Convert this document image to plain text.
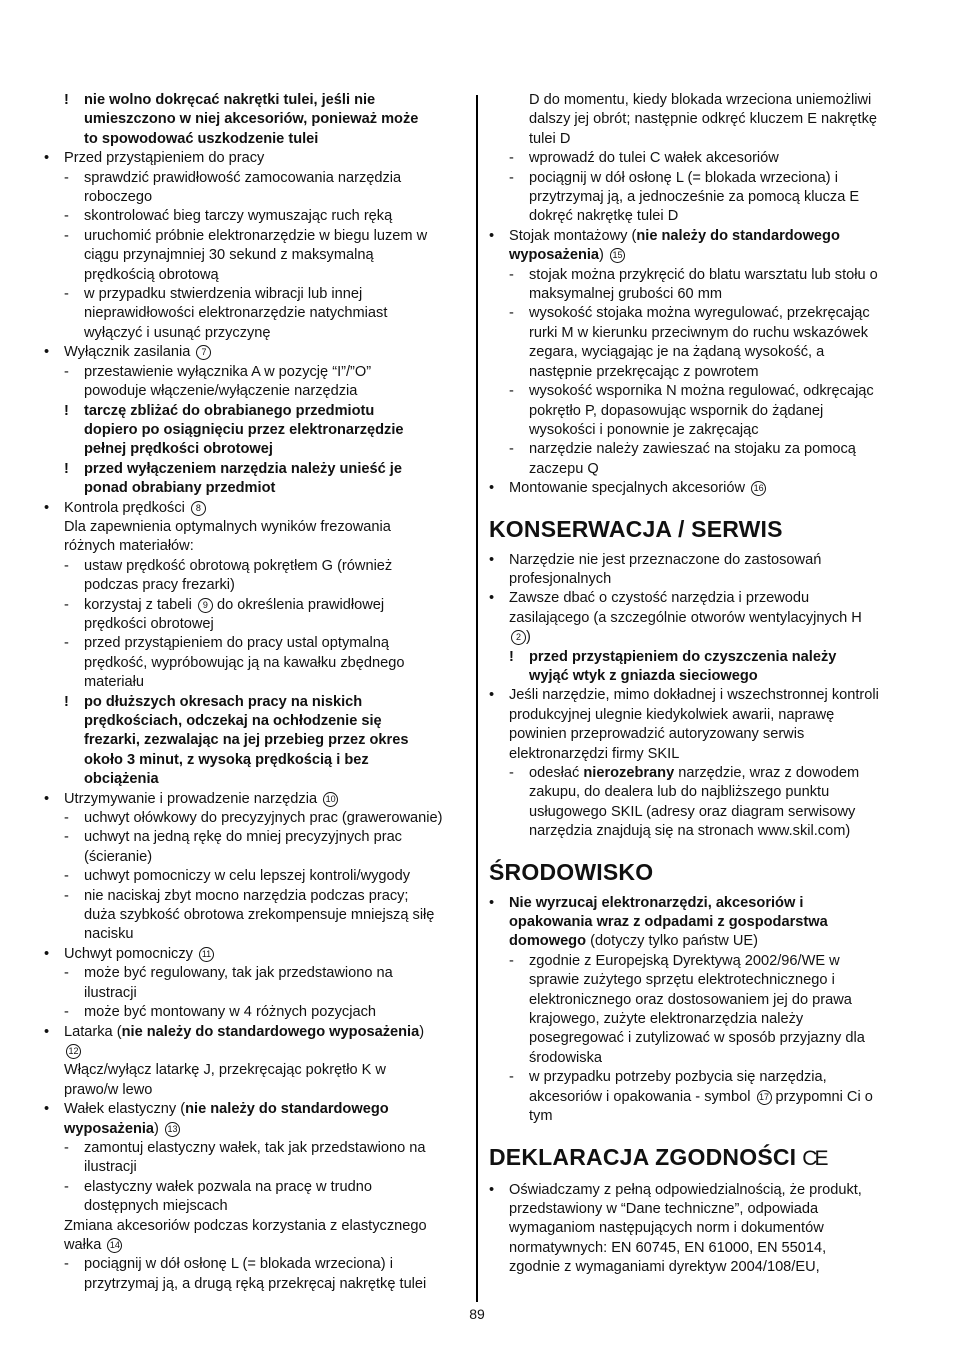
! nie wolno dokręcać nakrętki tulei, jeśli nie
umieszczono w niej akcesoriów, ponieważ może
to spowodować uszkodzenie tulei
• Przed przystąpieniem do pracy
- sprawdzić prawidłowość zamocowania narzędzia
roboczego
- skontrolować bieg tarczy wymuszając ruch ręką
- uruchomić próbnie elektronarzędzie w biegu luzem w
ciągu przynajmniej 30 sekund z maksymalną
prędkością obrotową
- w przypadku stwierdzenia wibracji lub innej
nieprawidłowości elektronarzędzie natychmiast
wyłączyć i usunąć przyczynę
• Wyłącznik zasilania 7
- przestawienie wyłącznika A w pozycję “I”/”O”
powoduje włączenie/wyłączenie narzędzia
! tarczę zbliżać do obrabianego przedmiotu
dopiero po osiągnięciu przez elektronarzędzie
pełnej prędkości obrotowej
! przed wyłączeniem narzędzia należy unieść je
ponad obrabiany przedmiot
• Kontrola prędkości 8
Dla zapewnienia optymalnych wyników frezowania
różnych materiałów:
- ustaw prędkość obrotową pokrętłem G (również
podczas pracy frezarki)
- korzystaj z tabeli 9 do określenia prawidłowej
prędkości obrotowej
- przed przystąpieniem do pracy ustal optymalną
prędkość, wypróbowując ją na kawałku zbędnego
materiału
! po dłuższych okresach pracy na niskich
prędkościach, odczekaj na ochłodzenie się
frezarki, zezwalając na jej przebieg przez okres
około 3 minut, z wysoką prędkością i bez
obciążenia
• Utrzymywanie i prowadzenie narzędzia 10
- uchwyt ołówkowy do precyzyjnych prac (grawerowanie)
- uchwyt na jedną rękę do mniej precyzyjnych prac
(ścieranie)
- uchwyt pomocniczy w celu lepszej kontroli/wygody
- nie naciskaj zbyt mocno narzędzia podczas pracy;
duża szybkość obrotowa zrekompensuje mniejszą siłę
nacisku
• Uchwyt pomocniczy 11
- może być regulowany, tak jak przedstawiono na
ilustracji
- może być montowany w 4 różnych pozycjach
• Latarka (nie należy do standardowego wyposażenia)
12
Włącz/wyłącz latarkę J, przekręcając pokrętło K w
prawo/w lewo
• Wałek elastyczny (nie należy do standardowego
wyposażenia) 13
- zamontuj elastyczny wałek, tak jak przedstawiono na
ilustracji
- elastyczny wałek pozwala na pracę w trudno
dostępnych miejscach
Zmiana akcesoriów podczas korzystania z elastycznego
wałka 14
- pociągnij w dół osłonę L (= blokada wrzeciona) i
przytrzymaj ją, a drugą ręką przekręcaj nakrętkę tulei
D do momentu, kiedy blokada wrzeciona uniemożliwi
dalszy jej obrót; następnie odkręć kluczem E nakrętkę
tulei D
- wprowadź do tulei C wałek akcesoriów
- pociągnij w dół osłonę L (= blokada wrzeciona) i
przytrzymaj ją, a jednocześnie za pomocą klucza E
dokręć nakrętkę tulei D
• Stojak montażowy (nie należy do standardowego
wyposażenia) 15
- stojak można przykręcić do blatu warsztatu lub stołu o
maksymalnej grubości 60 mm
- wysokość stojaka można wyregulować, przekręcając
rurki M w kierunku przeciwnym do ruchu wskazówek
zegara, wyciągając je na żądaną wysokość, a
następnie przekręcając z powrotem
- wysokość wspornika N można regulować, odkręcając
pokrętło P, dopasowując wspornik do żądanej
wysokości i ponownie je zakręcając
- narzędzie należy zawieszać na stojaku za pomocą
zaczepu Q
• Montowanie specjalnych akcesoriów 16
KONSERWACJA / SERWIS
• Narzędzie nie jest przeznaczone do zastosowań
profesjonalnych
• Zawsze dbać o czystość narzędzia i przewodu
zasilającego (a szczególnie otworów wentylacyjnych H
2 )
! przed przystąpieniem do czyszczenia należy
wyjąć wtyk z gniazda sieciowego
• Jeśli narzędzie, mimo dokładnej i wszechstronnej kontroli
produkcyjnej ulegnie kiedykolwiek awarii, naprawę
powinien przeprowadzić autoryzowany serwis
elektronarzędzi firmy SKIL
- odesłać nierozebrany narzędzie, wraz z dowodem
zakupu, do dealera lub do najbliższego punktu
usługowego SKIL (adresy oraz diagram serwisowy
narzędzia znajdują się na stronach www.skil.com)
ŚRODOWISKO
• Nie wyrzucaj elektronarzędzi, akcesoriów i
opakowania wraz z odpadami z gospodarstwa
domowego (dotyczy tylko państw UE)
- zgodnie z Europejską Dyrektywą 2002/96/WE w
sprawie zużytego sprzętu elektrotechnicznego i
elektronicznego oraz dostosowaniem jej do prawa
krajowego, zużyte elektronarzędzia należy
posegregować i zutylizować w sposób przyjazny dla
środowiska
- w przypadku potrzeby pozbycia się narzędzia,
akcesoriów i opakowania - symbol 17 przypomni Ci o
tym
DEKLARACJA ZGODNOŚCI CE
• Oświadczamy z pełną odpowiedzialnością, że produkt,
przedstawiony w “Dane techniczne”, odpowiada
wymaganiom następujących norm i dokumentów
normatywnych: EN 60745, EN 61000, EN 55014,
zgodnie z wymaganiami dyrektyw 2004/108/EU,
89
